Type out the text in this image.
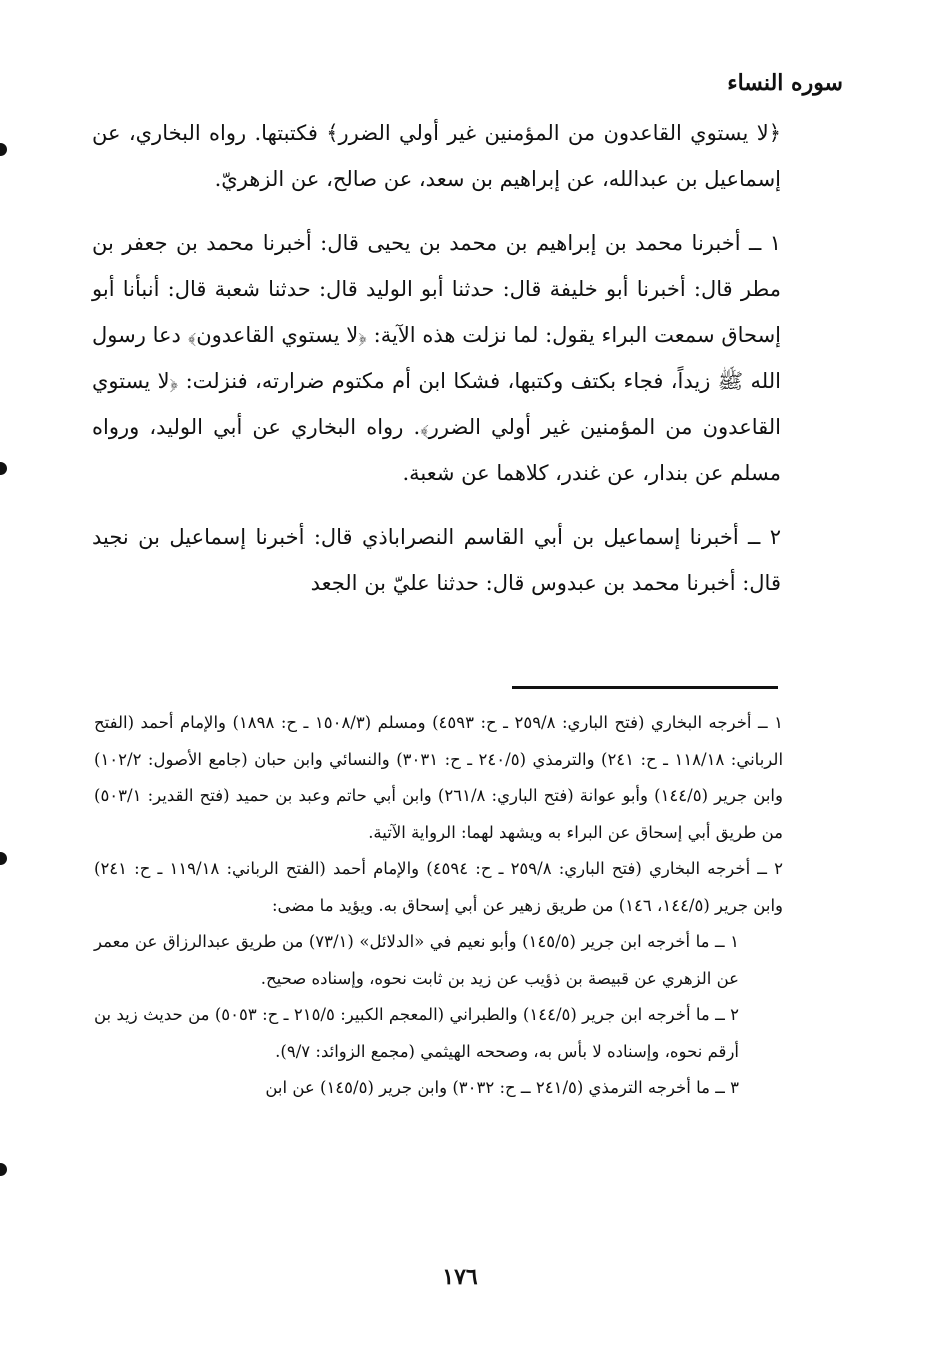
سوره النساء

﴿لا يستوي القاعدون من المؤمنين غير أولي الضرر﴾ فكتبتها. رواه البخاري، عن إسماعيل بن عبدالله، عن إبراهيم بن سعد، عن صالح، عن الزهريّ.

١ ــ أخبرنا محمد بن إبراهيم بن محمد بن يحيى قال: أخبرنا محمد بن جعفر بن مطر قال: أخبرنا أبو خليفة قال: حدثنا أبو الوليد قال: حدثنا شعبة قال: أنبأنا أبو إسحاق سمعت البراء يقول: لما نزلت هذه الآية: ﴿لا يستوي القاعدون﴾ دعا رسول الله ﷺ زيداً، فجاء بكتف وكتبها، فشكا ابن أم مكتوم ضرارته، فنزلت: ﴿لا يستوي القاعدون من المؤمنين غير أولي الضرر﴾. رواه البخاري عن أبي الوليد، ورواه مسلم عن بندار، عن غندر، كلاهما عن شعبة.

٢ ــ أخبرنا إسماعيل بن أبي القاسم النصراباذي قال: أخبرنا إسماعيل بن نجيد قال: أخبرنا محمد بن عبدوس قال: حدثنا عليّ بن الجعد

١ ــ أخرجه البخاري (فتح الباري: ٢٥٩/٨ ـ ح: ٤٥٩٣) ومسلم (١٥٠٨/٣ ـ ح: ١٨٩٨) والإمام أحمد (الفتح الرباني: ١١٨/١٨ ـ ح: ٢٤١) والترمذي (٢٤٠/٥ ـ ح: ٣٠٣١) والنسائي وابن حبان (جامع الأصول: ١٠٢/٢) وابن جرير (١٤٤/٥) وأبو عوانة (فتح الباري: ٢٦١/٨) وابن أبي حاتم وعبد بن حميد (فتح القدير: ٥٠٣/١) من طريق أبي إسحاق عن البراء به ويشهد لهما: الرواية الآتية.

٢ ــ أخرجه البخاري (فتح الباري: ٢٥٩/٨ ـ ح: ٤٥٩٤) والإمام أحمد (الفتح الرباني: ١١٩/١٨ ـ ح: ٢٤١) وابن جرير (١٤٤/٥، ١٤٦) من طريق زهير عن أبي إسحاق به. ويؤيد ما مضى:

١ ــ ما أخرجه ابن جرير (١٤٥/٥) وأبو نعيم في «الدلائل» (٧٣/١) من طريق عبدالرزاق عن معمر عن الزهري عن قبيصة بن ذؤيب عن زيد بن ثابت نحوه، وإسناده صحيح.

٢ ــ ما أخرجه ابن جرير (١٤٤/٥) والطبراني (المعجم الكبير: ٢١٥/٥ ـ ح: ٥٠٥٣) من حديث زيد بن أرقم نحوه، وإسناده لا بأس به، وصححه الهيثمي (مجمع الزوائد: ٩/٧).

٣ ــ ما أخرجه الترمذي (٢٤١/٥ ــ ح: ٣٠٣٢) وابن جرير (١٤٥/٥) عن ابن

١٧٦
